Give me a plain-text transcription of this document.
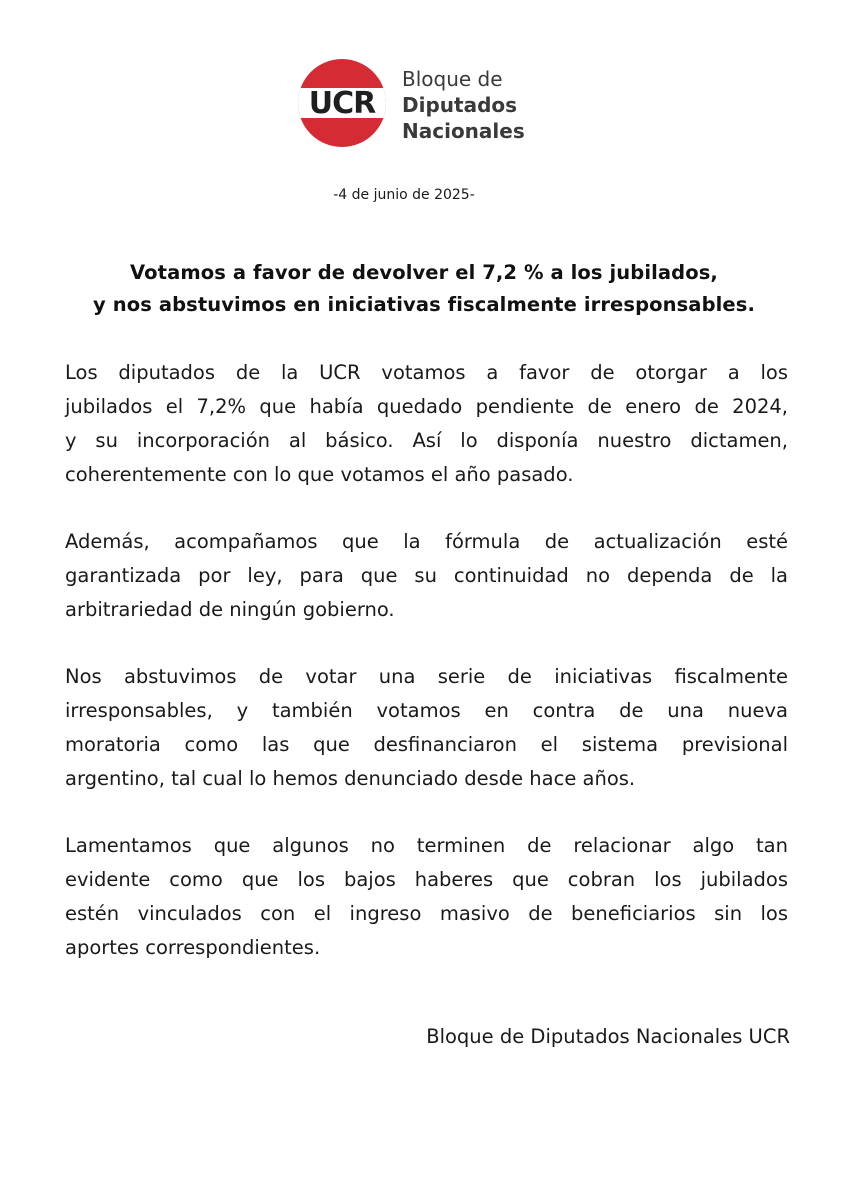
UCR
Bloque de
Diputados
Nacionales
-4 de junio de 2025-
Votamos a favor de devolver el 7,2 % a los jubilados,
y nos abstuvimos en iniciativas fiscalmente irresponsables.
Los diputados de la UCR votamos a favor de otorgar a los
jubilados el 7,2% que había quedado pendiente de enero de 2024,
y su incorporación al básico. Así lo disponía nuestro dictamen,
coherentemente con lo que votamos el año pasado.
Además, acompañamos que la fórmula de actualización esté
garantizada por ley, para que su continuidad no dependa de la
arbitrariedad de ningún gobierno.
Nos abstuvimos de votar una serie de iniciativas fiscalmente
irresponsables, y también votamos en contra de una nueva
moratoria como las que desfinanciaron el sistema previsional
argentino, tal cual lo hemos denunciado desde hace años.
Lamentamos que algunos no terminen de relacionar algo tan
evidente como que los bajos haberes que cobran los jubilados
estén vinculados con el ingreso masivo de beneficiarios sin los
aportes correspondientes.
Bloque de Diputados Nacionales UCR
